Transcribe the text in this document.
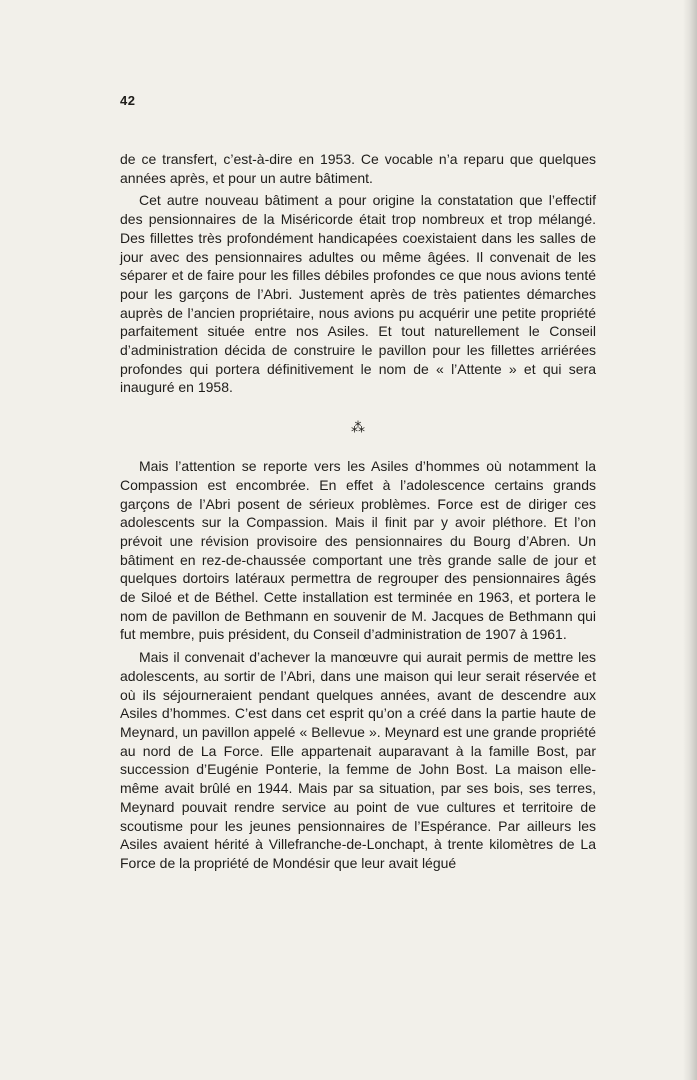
42

de ce transfert, c’est-à-dire en 1953. Ce vocable n’a reparu que quelques années après, et pour un autre bâtiment.

Cet autre nouveau bâtiment a pour origine la constatation que l’effectif des pensionnaires de la Miséricorde était trop nombreux et trop mélangé. Des fillettes très profondément handicapées coexistaient dans les salles de jour avec des pensionnaires adultes ou même âgées. Il convenait de les séparer et de faire pour les filles débiles profondes ce que nous avions tenté pour les garçons de l’Abri. Justement après de très patientes démarches auprès de l’ancien propriétaire, nous avions pu acquérir une petite propriété parfaitement située entre nos Asiles. Et tout naturellement le Conseil d’administration décida de construire le pavillon pour les fillettes arriérées profondes qui portera définitivement le nom de « l’Attente » et qui sera inauguré en 1958.

⁂

Mais l’attention se reporte vers les Asiles d’hommes où notamment la Compassion est encombrée. En effet à l’adolescence certains grands garçons de l’Abri posent de sérieux problèmes. Force est de diriger ces adolescents sur la Compassion. Mais il finit par y avoir pléthore. Et l’on prévoit une révision provisoire des pensionnaires du Bourg d’Abren. Un bâtiment en rez-de-chaussée comportant une très grande salle de jour et quelques dortoirs latéraux permettra de regrouper des pensionnaires âgés de Siloé et de Béthel. Cette installation est terminée en 1963, et portera le nom de pavillon de Bethmann en souvenir de M. Jacques de Bethmann qui fut membre, puis président, du Conseil d’administration de 1907 à 1961.

Mais il convenait d’achever la manœuvre qui aurait permis de mettre les adolescents, au sortir de l’Abri, dans une maison qui leur serait réservée et où ils séjourneraient pendant quelques années, avant de descendre aux Asiles d’hommes. C’est dans cet esprit qu’on a créé dans la partie haute de Meynard, un pavillon appelé « Bellevue ». Meynard est une grande propriété au nord de La Force. Elle appartenait auparavant à la famille Bost, par succession d’Eugénie Ponterie, la femme de John Bost. La maison elle-même avait brûlé en 1944. Mais par sa situation, par ses bois, ses terres, Meynard pouvait rendre service au point de vue cultures et territoire de scoutisme pour les jeunes pensionnaires de l’Espérance. Par ailleurs les Asiles avaient hérité à Villefranche-de-Lonchapt, à trente kilomètres de La Force de la propriété de Mondésir que leur avait légué
